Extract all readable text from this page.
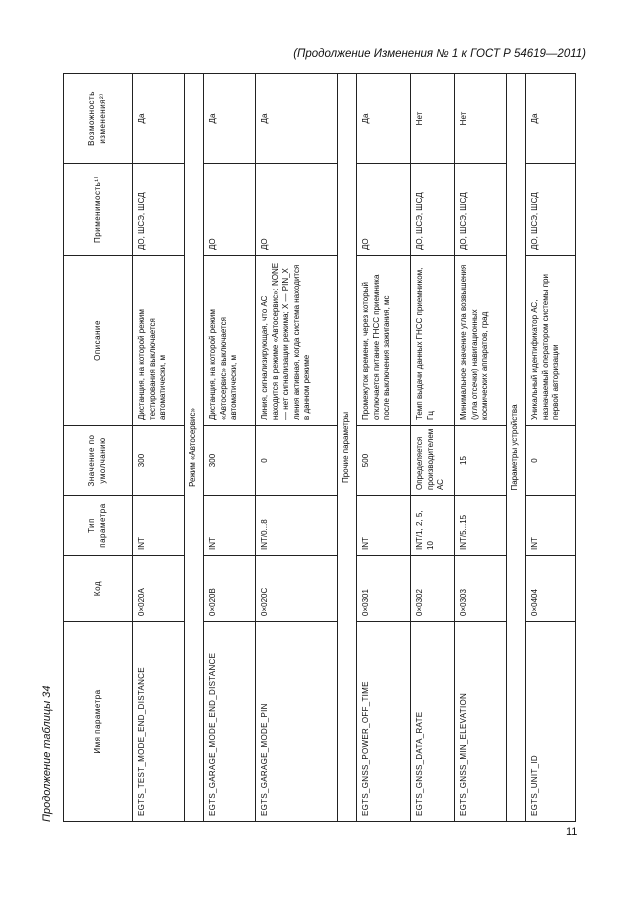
(Продолжение Изменения № 1 к ГОСТ Р 54619—2011)
Продолжение таблицы 34	Имя параметра	Код	Тип параметра	Значение по умолчанию	Описание	Применимость¹⁾	Возможность изменения²⁾
EGTS_TEST_MODE_END_DISTANCE	0×020A	INT	300	Дистанция, на которой режим тестирования выключается автоматически, м	ДО, ШСЭ, ШСД	Да
Режим «Автосервис»						
EGTS_GARAGE_MODE_END_DISTANCE	0×020B	INT	300	Дистанция, на которой режим «Автосервис» выключается автоматически, м	ДО	Да
EGTS_GARAGE_MODE_PIN	0×020C	INT/0...8	0	Линия, сигнализирующая, что АС находится в режиме «Автосервис»: NONE — нет сигнализации режима; X — PIN_X линия активная, когда система находится в данном режиме	ДО	Да
Прочие параметры						
EGTS_GNSS_POWER_OFF_TIME	0×0301	INT	500	Промежуток времени, через который отключается питание ГНСС приемника после выключения зажигания, мс	ДО	Да
EGTS_GNSS_DATA_RATE	0×0302	INT/1, 2, 5, 10	Определяется производителем АС	Темп выдачи данных ГНСС приемником, Гц	ДО, ШСЭ, ШСД	Нет
EGTS_GNSS_MIN_ELEVATION	0×0303	INT/5...15	15	Минимальное значение угла возвышения (угла отсечки) навигационных космических аппаратов, град	ДО, ШСЭ, ШСД	Нет
Параметры устройства						
EGTS_UNIT_ID	0×0404	INT	0	Уникальный идентификатор АС, назначаемый оператором системы при первой авторизации	ДО, ШСЭ, ШСД	Да
11
